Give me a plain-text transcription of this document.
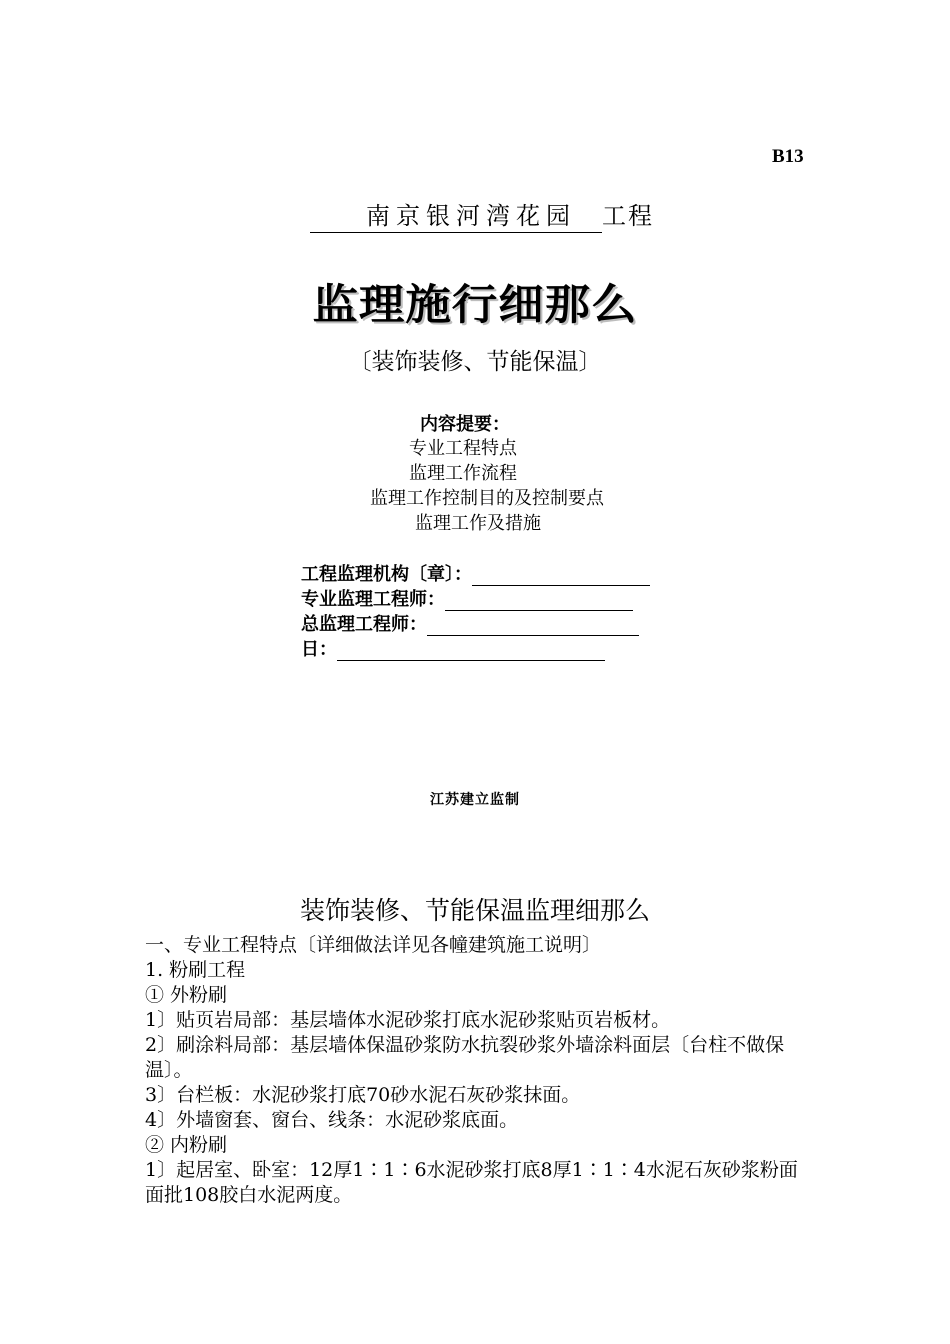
B13
南京银河湾花园 工程
监理施行细那么
〔装饰装修、节能保温〕
内容提要：
专业工程特点
监理工作流程
监理工作控制目的及控制要点
监理工作及措施
工程监理机构〔章〕：
专业监理工程师：
总监理工程师：
日：
江苏建立监制
装饰装修、节能保温监理细那么

一、专业工程特点〔详细做法详见各幢建筑施工说明〕

1. 粉刷工程

① 外粉刷

1〕贴页岩局部：基层墙体水泥砂浆打底水泥砂浆贴页岩板材。

2〕刷涂料局部：基层墙体保温砂浆防水抗裂砂浆外墙涂料面层〔台柱不做保温〕。

3〕台栏板：水泥砂浆打底70砂水泥石灰砂浆抹面。

4〕外墙窗套、窗台、线条：水泥砂浆底面。

② 内粉刷

1〕起居室、卧室：12厚1∶1∶6水泥砂浆打底8厚1∶1∶4水泥石灰砂浆粉面面批108胶白水泥两度。
